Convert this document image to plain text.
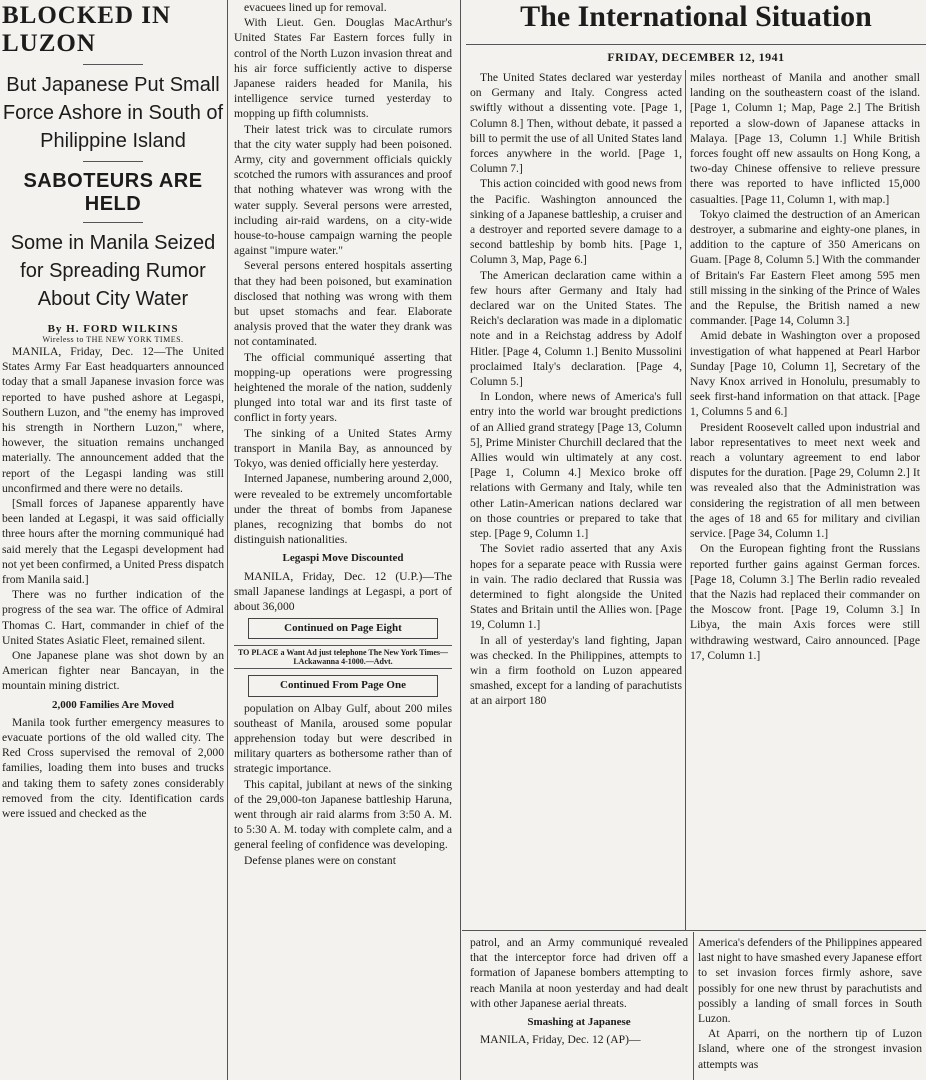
BLOCKED IN LUZON
But Japanese Put Small Force Ashore in South of Philippine Island
SABOTEURS ARE HELD
Some in Manila Seized for Spreading Rumor About City Water
By H. FORD WILKINS
Wireless to THE NEW YORK TIMES.

MANILA, Friday, Dec. 12—The United States Army Far East headquarters announced today that a small Japanese invasion force was reported to have pushed ashore at Legaspi, Southern Luzon, and "the enemy has improved his strength in Northern Luzon," where, however, the situation remains unchanged materially. The announcement added that the report of the Legaspi landing was still unconfirmed and there were no details.

[Small forces of Japanese apparently have been landed at Legaspi, it was said officially three hours after the morning communiqué had said merely that the Legaspi development had not yet been confirmed, a United Press dispatch from Manila said.]

There was no further indication of the progress of the sea war. The office of Admiral Thomas C. Hart, commander in chief of the United States Asiatic Fleet, remained silent.

One Japanese plane was shot down by an American fighter near Bancayan, in the mountain mining district.

2,000 Families Are Moved

Manila took further emergency measures to evacuate portions of the old walled city. The Red Cross supervised the removal of 2,000 families, loading them into buses and trucks and taking them to safety zones considerably removed from the city. Identification cards were issued and checked as the

evacuees lined up for removal.

With Lieut. Gen. Douglas MacArthur's United States Far Eastern forces fully in control of the North Luzon invasion threat and his air force sufficiently active to disperse Japanese raiders headed for Manila, his intelligence service turned yesterday to mopping up fifth columnists.

Their latest trick was to circulate rumors that the city water supply had been poisoned. Army, city and government officials quickly scotched the rumors with assurances and proof that nothing whatever was wrong with the water supply. Several persons were arrested, including air-raid wardens, on a city-wide house-to-house campaign warning the people against "impure water."

Several persons entered hospitals asserting that they had been poisoned, but examination disclosed that nothing was wrong with them but upset stomachs and fear. Elaborate analysis proved that the water they drank was not contaminated.

The official communiqué asserting that mopping-up operations were progressing heightened the morale of the nation, suddenly plunged into total war and its first taste of conflict in forty years.

The sinking of a United States Army transport in Manila Bay, as announced by Tokyo, was denied officially here yesterday.

Interned Japanese, numbering around 2,000, were revealed to be extremely uncomfortable under the threat of bombs from Japanese planes, recognizing that bombs do not distinguish nationalities.

Legaspi Move Discounted

MANILA, Friday, Dec. 12 (U.P.)—The small Japanese landings at Legaspi, a port of about 36,000

Continued on Page Eight
TO PLACE a Want Ad just telephone The New York Times—LAckawanna 4-1000.—Advt.
Continued From Page One

population on Albay Gulf, about 200 miles southeast of Manila, aroused some popular apprehension today but were described in military quarters as bothersome rather than of strategic importance.

This capital, jubilant at news of the sinking of the 29,000-ton Japanese battleship Haruna, went through air raid alarms from 3:50 A. M. to 5:30 A. M. today with complete calm, and a general feeling of confidence was developing.

Defense planes were on constant

The International Situation
FRIDAY, DECEMBER 12, 1941

The United States declared war yesterday on Germany and Italy. Congress acted swiftly without a dissenting vote. [Page 1, Column 8.] Then, without debate, it passed a bill to permit the use of all United States land forces anywhere in the world. [Page 1, Column 7.]

This action coincided with good news from the Pacific. Washington announced the sinking of a Japanese battleship, a cruiser and a destroyer and reported severe damage to a second battleship by bomb hits. [Page 1, Column 3, Map, Page 6.]

The American declaration came within a few hours after Germany and Italy had declared war on the United States. The Reich's declaration was made in a diplomatic note and in a Reichstag address by Adolf Hitler. [Page 4, Column 1.] Benito Mussolini proclaimed Italy's declaration. [Page 4, Column 5.]

In London, where news of America's full entry into the world war brought predictions of an Allied grand strategy [Page 13, Column 5], Prime Minister Churchill declared that the Allies would win ultimately at any cost. [Page 1, Column 4.] Mexico broke off relations with Germany and Italy, while ten other Latin-American nations declared war on those countries or prepared to take that step. [Page 9, Column 1.]

The Soviet radio asserted that any Axis hopes for a separate peace with Russia were in vain. The radio declared that Russia was determined to fight alongside the United States and Britain until the Allies won. [Page 19, Column 1.]

In all of yesterday's land fighting, Japan was checked. In the Philippines, attempts to win a firm foothold on Luzon appeared smashed, except for a landing of parachutists at an airport 180

miles northeast of Manila and another small landing on the southeastern coast of the island. [Page 1, Column 1; Map, Page 2.] The British reported a slow-down of Japanese attacks in Malaya. [Page 13, Column 1.] While British forces fought off new assaults on Hong Kong, a two-day Chinese offensive to relieve pressure there was reported to have inflicted 15,000 casualties. [Page 11, Column 1, with map.]

Tokyo claimed the destruction of an American destroyer, a submarine and eighty-one planes, in addition to the capture of 350 Americans on Guam. [Page 8, Column 5.] With the commander of Britain's Far Eastern Fleet among 595 men still missing in the sinking of the Prince of Wales and the Repulse, the British named a new commander. [Page 14, Column 3.]

Amid debate in Washington over a proposed investigation of what happened at Pearl Harbor Sunday [Page 10, Column 1], Secretary of the Navy Knox arrived in Honolulu, presumably to seek first-hand information on that attack. [Page 1, Columns 5 and 6.]

President Roosevelt called upon industrial and labor representatives to meet next week and reach a voluntary agreement to end labor disputes for the duration. [Page 29, Column 2.] It was revealed also that the Administration was considering the registration of all men between the ages of 18 and 65 for military and civilian service. [Page 34, Column 1.]

On the European fighting front the Russians reported further gains against German forces. [Page 18, Column 3.] The Berlin radio revealed that the Nazis had replaced their commander on the Moscow front. [Page 19, Column 3.] In Libya, the main Axis forces were still withdrawing westward, Cairo announced. [Page 17, Column 1.]

patrol, and an Army communiqué revealed that the interceptor force had driven off a formation of Japanese bombers attempting to reach Manila at noon yesterday and had dealt with other Japanese aerial threats.

Smashing at Japanese

MANILA, Friday, Dec. 12 (AP)—

America's defenders of the Philippines appeared last night to have smashed every Japanese effort to set invasion forces firmly ashore, save possibly for one new thrust by parachutists and possibly a landing of small forces in South Luzon.

At Aparri, on the northern tip of Luzon Island, where one of the strongest invasion attempts was
